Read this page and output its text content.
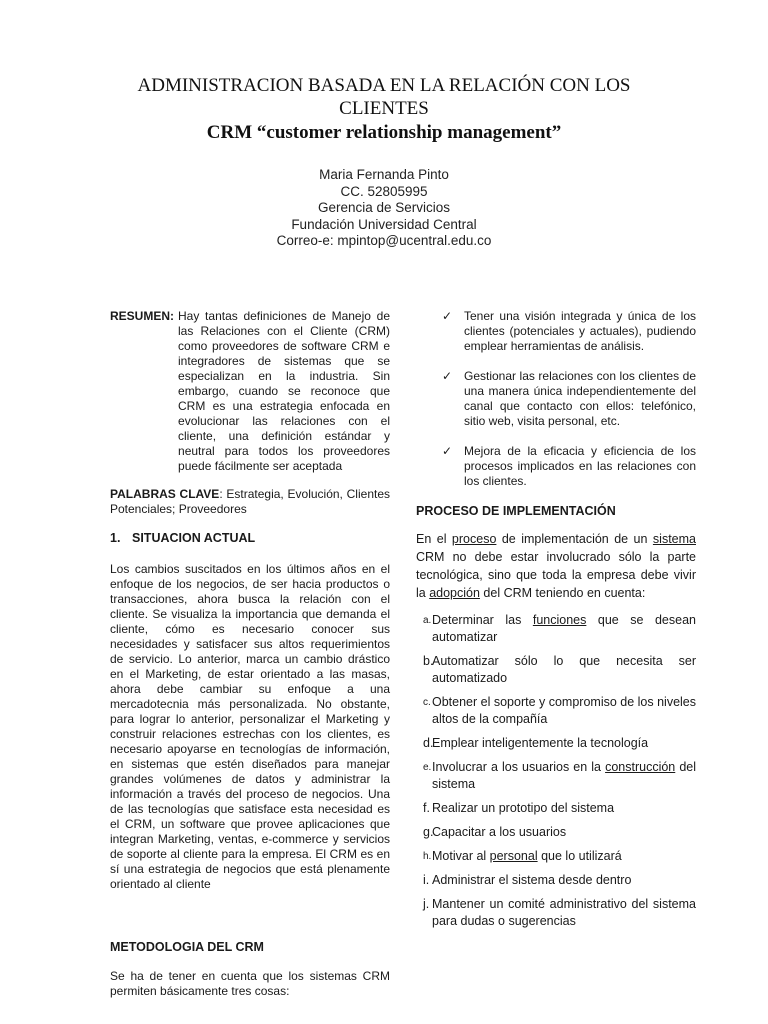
ADMINISTRACION BASADA EN LA RELACIÓN CON LOS
CLIENTES
CRM “customer relationship management”
Maria Fernanda Pinto
CC. 52805995
Gerencia de Servicios
Fundación Universidad Central
Correo-e: mpintop@ucentral.edu.co
RESUMEN: Hay tantas definiciones de Manejo de las Relaciones con el Cliente (CRM) como proveedores de software CRM e integradores de sistemas que se especializan en la industria. Sin embargo, cuando se reconoce que CRM es una estrategia enfocada en evolucionar las relaciones con el cliente, una definición estándar y neutral para todos los proveedores puede fácilmente ser aceptada
PALABRAS CLAVE: Estrategia, Evolución, Clientes Potenciales; Proveedores
1. SITUACION ACTUAL
Los cambios suscitados en los últimos años en el enfoque de los negocios, de ser hacia productos o transacciones, ahora busca la relación con el cliente. Se visualiza la importancia que demanda el cliente, cómo es necesario conocer sus necesidades y satisfacer sus altos requerimientos de servicio. Lo anterior, marca un cambio drástico en el Marketing, de estar orientado a las masas, ahora debe cambiar su enfoque a una mercadotecnia más personalizada. No obstante, para lograr lo anterior, personalizar el Marketing y construir relaciones estrechas con los clientes, es necesario apoyarse en tecnologías de información, en sistemas que estén diseñados para manejar grandes volúmenes de datos y administrar la información a través del proceso de negocios. Una de las tecnologías que satisface esta necesidad es el CRM, un software que provee aplicaciones que integran Marketing, ventas, e-commerce y servicios de soporte al cliente para la empresa. El CRM es en sí una estrategia de negocios que está plenamente orientado al cliente
METODOLOGIA DEL CRM
Se ha de tener en cuenta que los sistemas CRM permiten básicamente tres cosas:
✓ Tener una visión integrada y única de los clientes (potenciales y actuales), pudiendo emplear herramientas de análisis.
✓ Gestionar las relaciones con los clientes de una manera única independientemente del canal que contacto con ellos: telefónico, sitio web, visita personal, etc.
✓ Mejora de la eficacia y eficiencia de los procesos implicados en las relaciones con los clientes.
PROCESO DE IMPLEMENTACIÓN
En el proceso de implementación de un sistema CRM no debe estar involucrado sólo la parte tecnológica, sino que toda la empresa debe vivir la adopción del CRM teniendo en cuenta:
a. Determinar las funciones que se desean automatizar
b.
Automatizar sólo lo que necesita ser automatizado
c. Obtener el soporte y compromiso de los niveles altos de la compañía
d.
Emplear inteligentemente la tecnología
e. Involucrar a los usuarios en la construcción del sistema
f. Realizar un prototipo del sistema
g.
Capacitar a los usuarios
h. Motivar al personal que lo utilizará
i. Administrar el sistema desde dentro
j. Mantener un comité administrativo del sistema para dudas o sugerencias
